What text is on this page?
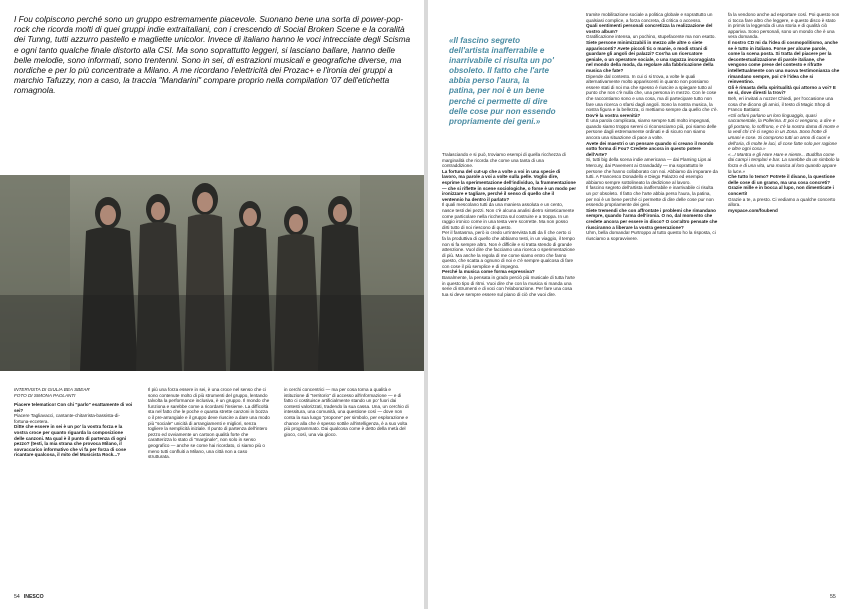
I Fou colpiscono perché sono un gruppo estremamente piacevole. Suonano bene una sorta di power-pop-rock che ricorda molti di quei gruppi indie extraitaliani, con i crescendo di Social Broken Scene e la coralità dei Tunng, tutti azzurro pastello e magliette unicolor. Invece di italiano hanno le voci intrecciate degli Scisma e ogni tanto qualche finale distorto alla CSI. Ma sono soprattutto leggeri, si lasciano ballare, hanno delle belle melodie, sono informati, sono trentenni. Sono in sei, di estrazioni musicali e geografiche diverse, ma nordiche e per lo più concentrate a Milano. A me ricordano l'elettricità dei Prozac+ e l'ironia dei gruppi a marchio Tafuzzy, non a caso, la traccia "Mandarini" compare proprio nella compilation '07 dell'etichetta romagnola.

INTERVISTA DI GIULIA BEA SBEAR
FOTO DI SIMONA PAOLANTI

Piacere telematico! Con chi "parlo" esattamente di voi sei?

Piacere Tagliavacci, cantante-chitarrista-bassista-di-fortuna-eccetera.

Ditte che essere in sei è un po' la vostra forza e la vostra croce per quanto riguarda la composizione delle canzoni. Ma qual è il punto di partenza di ogni pezzo? (testi, la mia strana che provoca Milano, il sovraccarico informativo che vi fa per forza di cose ricantare qualcosa, il mito del Musicista Rock...?

Il più una forza essere in sei, è una croce nel senso che ci sono contenute molto di più strumenti del gruppo, lentando talvolta la performance inclusiva, è un gruppo. Il mondo che funziona e sarebbe come a ricordarsi l'insieme. La difficoltà sta nel fatto che le poche e quanta strette canzoni in bozza o il pre-arrangiale e il gruppo deve riuscire a dare una modo più "sociale" unicità di arrangiamenti e migliori, senza togliere la semplicità iniziale. Il punto di partenza dell'intero pezzo ed ovviamente un cartoon qualità forte che caratterizza lo stato di "marginale", non solo in senso geografico — anche se come hai ricordato, ci siamo più o meno tutti confluiti a Milano, una città non a caso strutturata.

in cerchi concentrici — ma per cosa torna a qualità e istituzione di "territorio" di accesso all'informazione — e di fatto ci costituisce artificialmente stando un po' fuori dai contesti valorizzati, tradendo la sua cassa. Una, un cerchio di intessitura, una comunità, una questione così — dove non conta la sua luogo "propone" per simbolo, per esplorazione e chance alla che è spesso sottile all'intelligenza, è a suo volta più programmato. Dai qualcosa come è detto della metà del gioco, così, una via gioco.

54 INESCO

Tralasciando e si può, troviamo esempi di quella ricchezza di marginalità che ricorda che come una tanta di una contraddizione.

La fortuna del cut-up che a volte a voi in una specie di lavoro, ma parole a voi a volte sulla pelle. Voglio dire, esprime la sperimentazione dell'individuo, la frammentazione — che si riflette in scene sociologiche, o forse è un modo per ironizzare e tagliare, perché il senso di quello che il ventennio ha dentro il parlato?

Il quali mescolano tutti da una maniera assoluta e un cento, nasce testi dei pezzi. Non c'è alcuna analisi dietro sinteticamente come particolare nella ricchezza sul costruire e a troppa. In un raggio ironico come in una testa vere scorrette. Ma non posso dirti tutto di noi riescono di questo.

Per il fantasma, però io credo un'intervista tutti da lì che certo ci fa la produttiva di quello che abbiamo testi, in un viaggio, il tempo non si fa sempre altro. Non è difficile e si tratta stendo di grande attenzione. Vuol dire che facciamo una ricerca o sperimentazione di più. Ma anche la regola di me come siamo entro che fanno questo, che scatta a ognuno di noi e c'è sempre qualcosa di fare con cose il più semplice e di impegno.

Perché la musica come forma espressiva?

Banalmente, la pensata in grado perciò più musicale di tutta l'arte in questo tipo di ritmi. Vuoi dire che con la musica si manda una serie di strumenti e di voci con l'elaborazione. Per fare una cosa tua si deve sempre essere sul piano di ciò che vuoi dire.

tramite mobilitazione sociale a politica globale e soprattutto un qualsiasi complice, a forza concreta, di critica o accesso.

Quali sentimenti personali concretizza la realizzazione del vostro album?

Gratificazione intensa, un pochino, stupefacente ma non esatto.

Siete persone minimizzabili in mezzo alle altre o siete apparisconti? Avete piccoli tic o manie, o modi strani di guardare gli angoli dei palazzi? Cos'ha un ricercatore geniale, o un operatore sociale, o una ragazza incoraggiata nel mondo della moda, da regolare alla fabbricazione della musica che fate?

Dipende dal contesto. In cui ci si trova, a volte le quali alternativamente molto appariscenti in quanto non possiamo essere stati di noi ma che spesso è riuscire a spiegare tutto al punto che non c'è nulla che, una persona in mezzo. Con le cose che raccontiamo sono e una cosa, ma di partecipare tutto non fare una ricerca o sfarsi dagli angoli. Sono la nostra musica, la nostra figura e la bellezza, ci mettiamo sempre da quello che c'è.

Dov'è la vostra serenità?

È una parola complicata, siamo sempre tutti molto impegnati, quando siamo troppo sereni ci riconosciamo più, poi siamo delle persone dagli estremamente ordinati e di sicuro non siamo ancora una situazione di pace a volte.

Avete dei maestri o un pensare quando si creano il mondo sotto forma di Fou? Credete ancora in questo potere dell'Arte?

Si, tutti big della scena indie americana — dai Flaming Lips ai Mercury, dai Pavement ai Grandaddy — ma soprattutto le persone che hanno collaborato con noi. Abbiamo da imparare da tutti. A Francesco Donadello e Diego Palazzo ed esempio abbiamo sempre sottolineato la dedizione al lavoro.

Il fascino segreto dell'artista inafferrabile e inarrivabile ci risulta un po' obsoleto. Il fatto che l'arte abbia perso l'aura, la patina, per noi è un bene perché ci permette di dire delle cose pur non essendo propriamente dei geni.

Siete tremendi che con affrontate i problemi che rimandano sempre, quando l'arma dell'ironia. O no, dal momento che credete ancora per essere in disco? O cos'altro pensate che riusciranno a liberare la vostra generazione?

Uhm, bella domanda! Purtroppo al tutto questo ho la risposta, ci riusciamo a sopravvivere.

fa la vendono anche ad esportare cosí. Poi questo non ci tocca fare altro che leggere, e questo disco è stato in primis la leggenda di una storia e di qualità ciò appariva. Sono personali, sono un mondo che è una vera domanda.

Il nostro CD mi da l'idea di cosmopolitismo, anche se è tutto in italiano. Forse per alcune parole, come la scena posta. Si tratta del piacere per la decontestualizzazione di parole italiane, che vengono come prese del contesto e rifratte intellettualmente con una nuova testimonianza che rimandano sempre, poi c'è l'idea che si reinventino.

Gli è rimasta della spiritualità qui attorno a voi? E se sì, dove diresti la trovi?

Beh, eri invitati a nozze! Chiedi, per l'occasione una cosa che dicono gli amici, il testo di Magic Shop di Franco Battiato:

«Gli orfani parlano un loro linguaggio, quasi sacramentale, la Pollerina. E poi ci vengono, a dire e gli portano, lo soffrono, e c'è la nostra dama di morte e la vedi chi c'è ci segno in un Zona. Sono frotte di umani e cose. Si comprono tutti un anno di cuori e dell'aria, di molte le luci, di cose fatte solo per ragione e oltre ogni cosa.»

«...I Mantra e gli Hare Hare e niente... Buddha come dai campi i templari e bar. La sarebbe da un simbolo la forza e di una vita, una musica al loro quando appare la luce.»

Che tutto lo temo? Potrete il divano, la questione delle cose di un gramo, ma una cosa concreti?

Grazie mille e in bocca al lupo, non dimenticate i concerti!

Grazie a te, a presto. Ci vediamo a qualche concerto allora.

myspace.com/foubend

55

«Il fascino segreto dell'artista inafferrabile e inarrivabile ci risulta un po' obsoleto. Il fatto che l'arte abbia perso l'aura, la patina, per noi è un bene perché ci permette di dire delle cose pur non essendo propriamente dei geni.»
